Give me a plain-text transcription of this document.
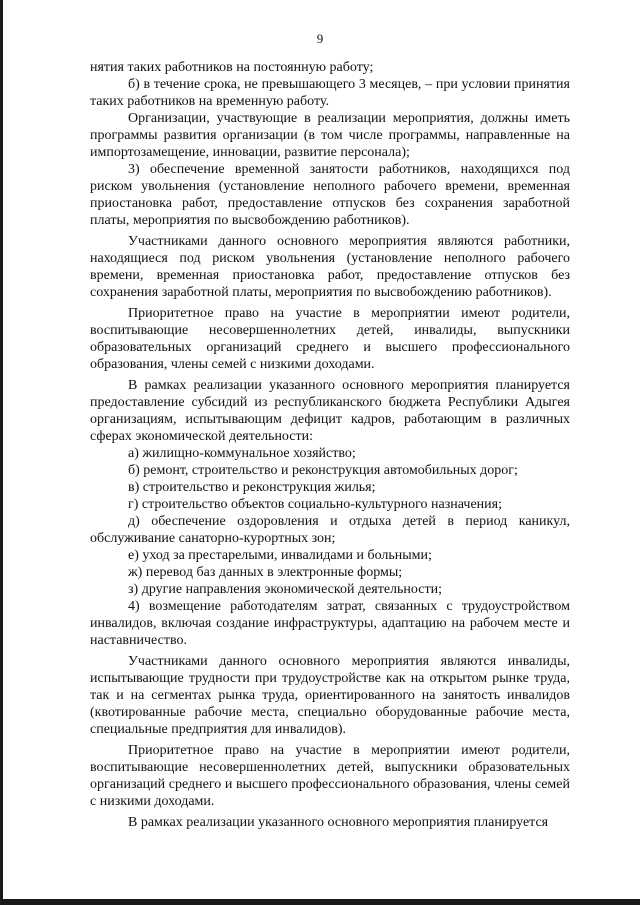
9

нятия таких работников на постоянную работу;

б) в течение срока, не превышающего 3 месяцев, – при условии принятия таких работников на временную работу.

Организации, участвующие в реализации мероприятия, должны иметь программы развития организации (в том числе программы, направленные на импортозамещение, инновации, развитие персонала);

3) обеспечение временной занятости работников, находящихся под риском увольнения (установление неполного рабочего времени, временная приостановка работ, предоставление отпусков без сохранения заработной платы, мероприятия по высвобождению работников).

Участниками данного основного мероприятия являются работники, находящиеся под риском увольнения (установление неполного рабочего времени, временная приостановка работ, предоставление отпусков без сохранения заработной платы, мероприятия по высвобождению работников).

Приоритетное право на участие в мероприятии имеют родители, воспитывающие несовершеннолетних детей, инвалиды, выпускники образовательных организаций среднего и высшего профессионального образования, члены семей с низкими доходами.

В рамках реализации указанного основного мероприятия планируется предоставление субсидий из республиканского бюджета Республики Адыгея организациям, испытывающим дефицит кадров, работающим в различных сферах экономической деятельности:

а) жилищно-коммунальное хозяйство;

б) ремонт, строительство и реконструкция автомобильных дорог;

в) строительство и реконструкция жилья;

г) строительство объектов социально-культурного назначения;

д) обеспечение оздоровления и отдыха детей в период каникул, обслуживание санаторно-курортных зон;

е) уход за престарелыми, инвалидами и больными;

ж) перевод баз данных в электронные формы;

з) другие направления экономической деятельности;

4) возмещение работодателям затрат, связанных с трудоустройством инвалидов, включая создание инфраструктуры, адаптацию на рабочем месте и наставничество.

Участниками данного основного мероприятия являются инвалиды, испытывающие трудности при трудоустройстве как на открытом рынке труда, так и на сегментах рынка труда, ориентированного на занятость инвалидов (квотированные рабочие места, специально оборудованные рабочие места, специальные предприятия для инвалидов).

Приоритетное право на участие в мероприятии имеют родители, воспитывающие несовершеннолетних детей, выпускники образовательных организаций среднего и высшего профессионального образования, члены семей с низкими доходами.

В рамках реализации указанного основного мероприятия планируется
